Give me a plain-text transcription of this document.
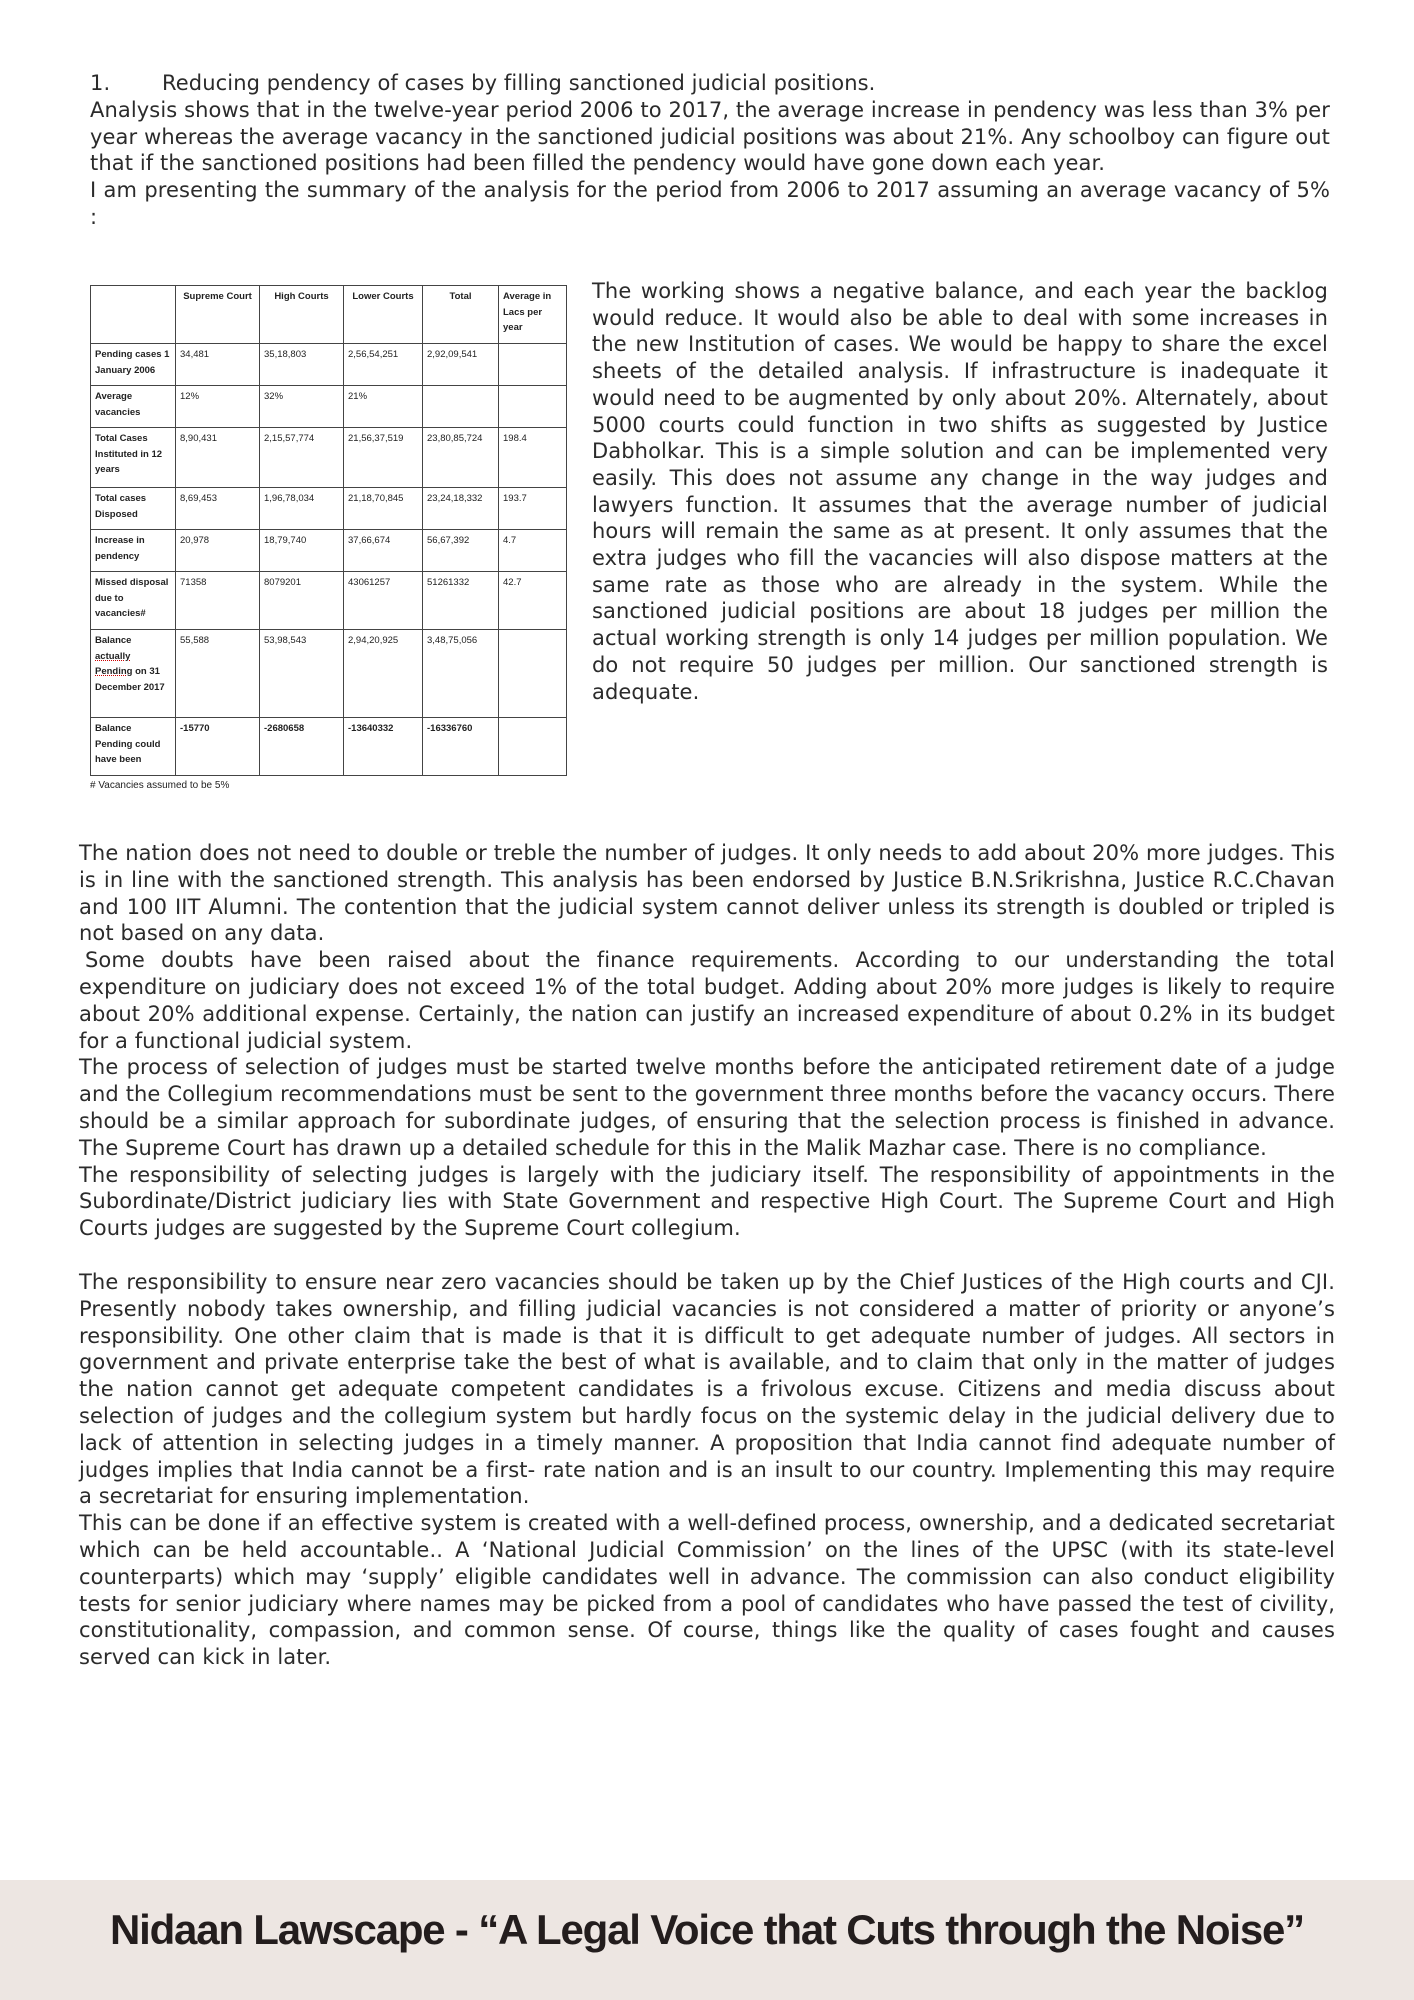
1. Reducing pendency of cases by filling sanctioned judicial positions.

Analysis shows that in the twelve-year period 2006 to 2017, the average increase in pendency was less than 3% per year whereas the average vacancy in the sanctioned judicial positions was about 21%. Any schoolboy can figure out that if the sanctioned positions had been filled the pendency would have gone down each year.

I am presenting the summary of the analysis for the period from 2006 to 2017 assuming an average vacancy of 5% :

	Supreme Court	High Courts	Lower Courts	Total	Average in Lacs per year
Pending cases 1 January 2006	34,481	35,18,803	2,56,54,251	2,92,09,541	
Average vacancies	12%	32%	21%		
Total Cases Instituted in 12 years	8,90,431	2,15,57,774	21,56,37,519	23,80,85,724	198.4
Total cases Disposed	8,69,453	1,96,78,034	21,18,70,845	23,24,18,332	193.7
Increase in pendency	20,978	18,79,740	37,66,674	56,67,392	4.7
Missed disposal due to vacancies#	71358	8079201	43061257	51261332	42.7
Balance
actually
Pending on 31 December 2017	55,588	53,98,543	2,94,20,925	3,48,75,056	
Balance Pending could have been	-15770	-2680658	-13640332	-16336760	
# Vacancies assumed to be 5%

The working shows a negative balance, and each year the backlog would reduce. It would also be able to deal with some increases in the new Institution of cases. We would be happy to share the excel sheets of the detailed analysis. If infrastructure is inadequate it would need to be augmented by only about 20%. Alternately, about 5000 courts could function in two shifts as suggested by Justice Dabholkar. This is a simple solution and can be implemented very easily. This does not assume any change in the way judges and lawyers function. It assumes that the average number of judicial hours will remain the same as at present. It only assumes that the extra judges who fill the vacancies will also dispose matters at the same rate as those who are already in the system. While the sanctioned judicial positions are about 18 judges per million the actual working strength is only 14 judges per million population. We do not require 50 judges per million. Our sanctioned strength is adequate.

The nation does not need to double or treble the number of judges. It only needs to add about 20% more judges. This is in line with the sanctioned strength. This analysis has been endorsed by Justice B.N.Srikrishna, Justice R.C.Chavan and 100 IIT Alumni. The contention that the judicial system cannot deliver unless its strength is doubled or tripled is not based on any data.

Some doubts have been raised about the finance requirements. According to our understanding the total expenditure on judiciary does not exceed 1% of the total budget. Adding about 20% more judges is likely to require about 20% additional expense. Certainly, the nation can justify an increased expenditure of about 0.2% in its budget for a functional judicial system.

The process of selection of judges must be started twelve months before the anticipated retirement date of a judge and the Collegium recommendations must be sent to the government three months before the vacancy occurs. There should be a similar approach for subordinate judges, of ensuring that the selection process is finished in advance. The Supreme Court has drawn up a detailed schedule for this in the Malik Mazhar case. There is no compliance.

The responsibility of selecting judges is largely with the judiciary itself. The responsibility of appointments in the Subordinate/District judiciary lies with State Government and respective High Court. The Supreme Court and High Courts judges are suggested by the Supreme Court collegium.

The responsibility to ensure near zero vacancies should be taken up by the Chief Justices of the High courts and CJI. Presently nobody takes ownership, and filling judicial vacancies is not considered a matter of priority or anyone’s responsibility. One other claim that is made is that it is difficult to get adequate number of judges. All sectors in government and private enterprise take the best of what is available, and to claim that only in the matter of judges the nation cannot get adequate competent candidates is a frivolous excuse. Citizens and media discuss about selection of judges and the collegium system but hardly focus on the systemic delay in the judicial delivery due to lack of attention in selecting judges in a timely manner. A proposition that India cannot find adequate number of judges implies that India cannot be a first- rate nation and is an insult to our country. Implementing this may require a secretariat for ensuring implementation.

This can be done if an effective system is created with a well-defined process, ownership, and a dedicated secretariat which can be held accountable.. A ‘National Judicial Commission’ on the lines of the UPSC (with its state-level counterparts) which may ‘supply’ eligible candidates well in advance. The commission can also conduct eligibility tests for senior judiciary where names may be picked from a pool of candidates who have passed the test of civility, constitutionality, compassion, and common sense. Of course, things like the quality of cases fought and causes served can kick in later.

Nidaan Lawscape - “A Legal Voice that Cuts through the Noise”
